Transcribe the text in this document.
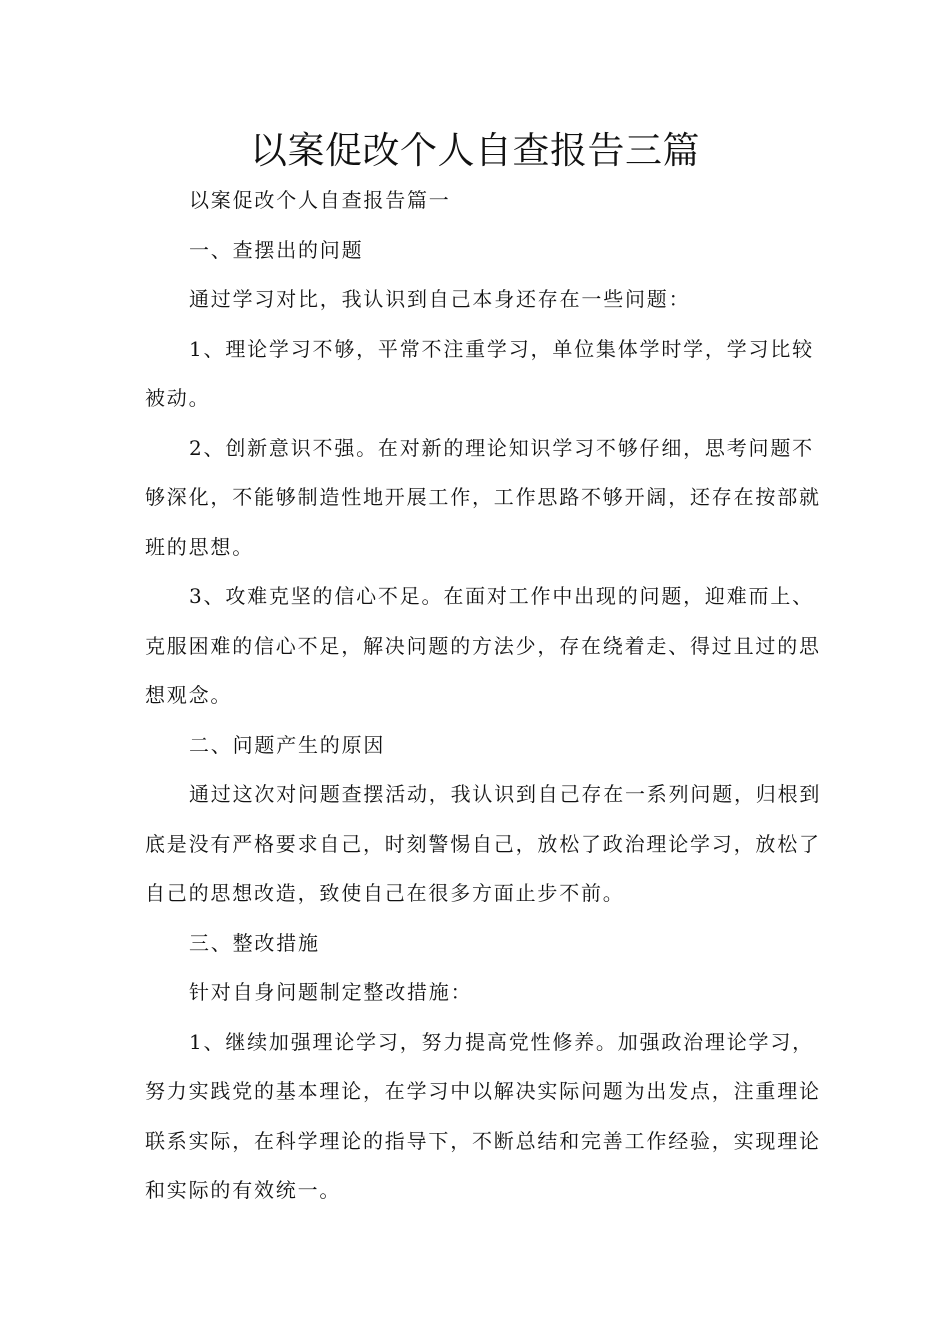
以案促改个人自查报告三篇

以案促改个人自查报告篇一

一、查摆出的问题

通过学习对比，我认识到自己本身还存在一些问题：

1、理论学习不够，平常不注重学习，单位集体学时学，学习比较被动。

2、创新意识不强。在对新的理论知识学习不够仔细，思考问题不够深化，不能够制造性地开展工作，工作思路不够开阔，还存在按部就班的思想。

3、攻难克坚的信心不足。在面对工作中出现的问题，迎难而上、克服困难的信心不足，解决问题的方法少，存在绕着走、得过且过的思想观念。

二、问题产生的原因

通过这次对问题查摆活动，我认识到自己存在一系列问题，归根到底是没有严格要求自己，时刻警惕自己，放松了政治理论学习，放松了自己的思想改造，致使自己在很多方面止步不前。

三、整改措施

针对自身问题制定整改措施：

1、继续加强理论学习，努力提高党性修养。加强政治理论学习，努力实践党的基本理论，在学习中以解决实际问题为出发点，注重理论联系实际，在科学理论的指导下，不断总结和完善工作经验，实现理论和实际的有效统一。
